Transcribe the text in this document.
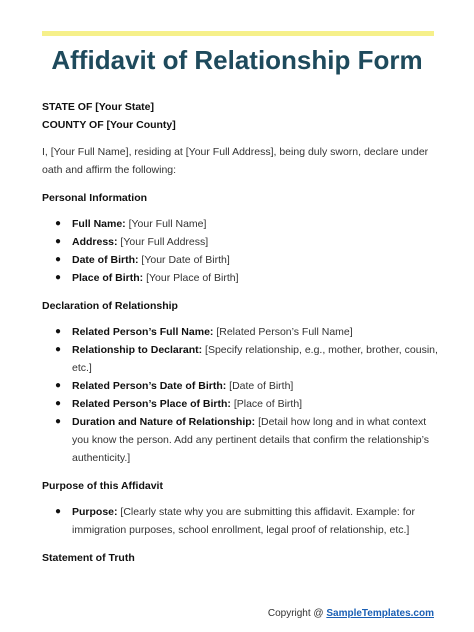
Affidavit of Relationship Form
STATE OF [Your State]
COUNTY OF [Your County]
I, [Your Full Name], residing at [Your Full Address], being duly sworn, declare under oath and affirm the following:
Personal Information
● Full Name: [Your Full Name]
● Address: [Your Full Address]
● Date of Birth: [Your Date of Birth]
● Place of Birth: [Your Place of Birth]
Declaration of Relationship
● Related Person’s Full Name: [Related Person’s Full Name]
● Relationship to Declarant: [Specify relationship, e.g., mother, brother, cousin, etc.]
● Related Person’s Date of Birth: [Date of Birth]
● Related Person’s Place of Birth: [Place of Birth]
● Duration and Nature of Relationship: [Detail how long and in what context you know the person. Add any pertinent details that confirm the relationship’s authenticity.]
Purpose of this Affidavit
● Purpose: [Clearly state why you are submitting this affidavit. Example: for immigration purposes, school enrollment, legal proof of relationship, etc.]
Statement of Truth
Copyright @ SampleTemplates.com
